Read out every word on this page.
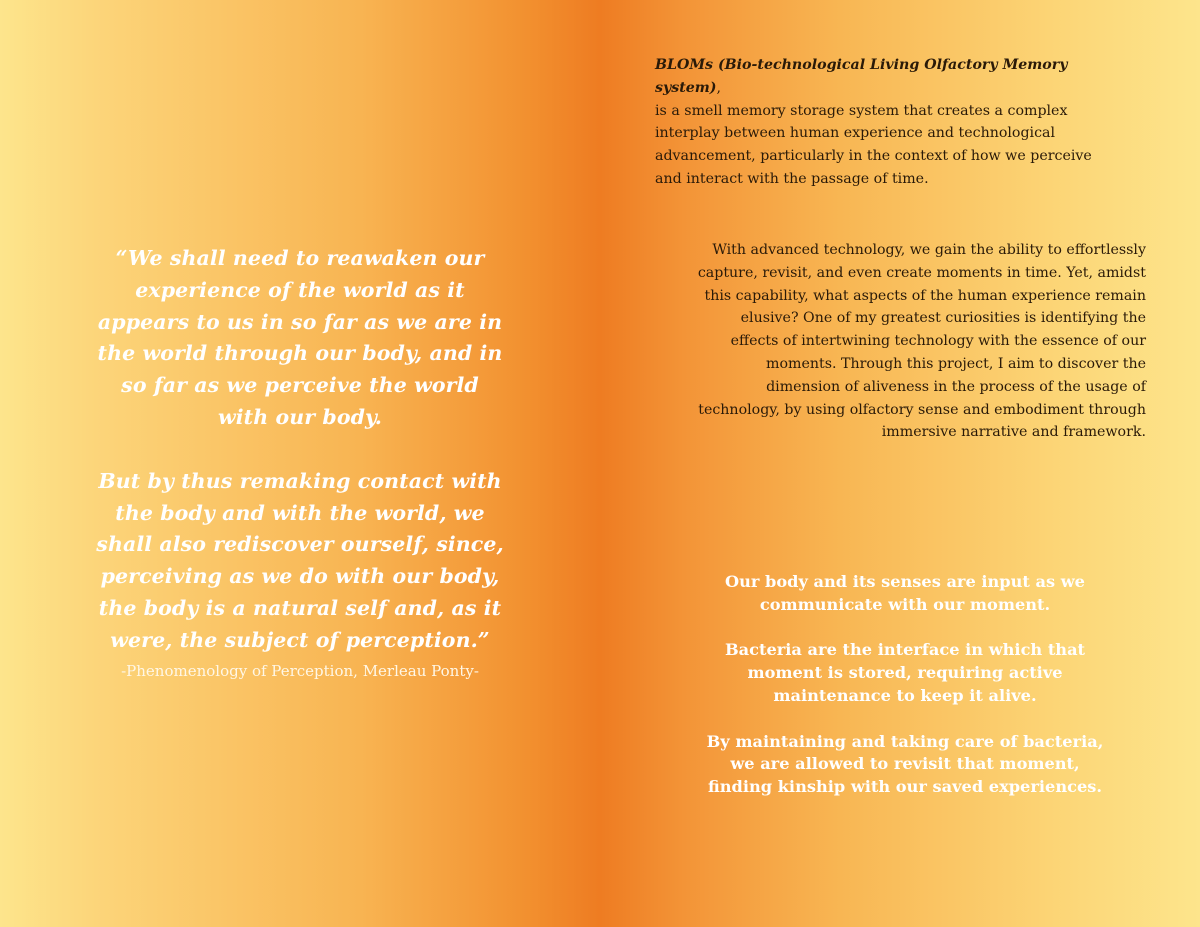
“We shall need to reawaken our experience of the world as it appears to us in so far as we are in the world through our body, and in so far as we perceive the world with our body.

But by thus remaking contact with the body and with the world, we shall also rediscover ourself, since, perceiving as we do with our body, the body is a natural self and, as it were, the subject of perception.”

-Phenomenology of Perception, Merleau Ponty-
BLOMs (Bio-technological Living Olfactory Memory system),
is a smell memory storage system that creates a complex interplay between human experience and technological advancement, particularly in the context of how we perceive and interact with the passage of time.
With advanced technology, we gain the ability to effortlessly capture, revisit, and even create moments in time. Yet, amidst this capability, what aspects of the human experience remain elusive? One of my greatest curiosities is identifying the effects of intertwining technology with the essence of our moments. Through this project, I aim to discover the dimension of aliveness in the process of the usage of technology, by using olfactory sense and embodiment through immersive narrative and framework.

Our body and its senses are input as we communicate with our moment.

Bacteria are the interface in which that moment is stored, requiring active maintenance to keep it alive.

By maintaining and taking care of bacteria, we are allowed to revisit that moment, finding kinship with our saved experiences.
